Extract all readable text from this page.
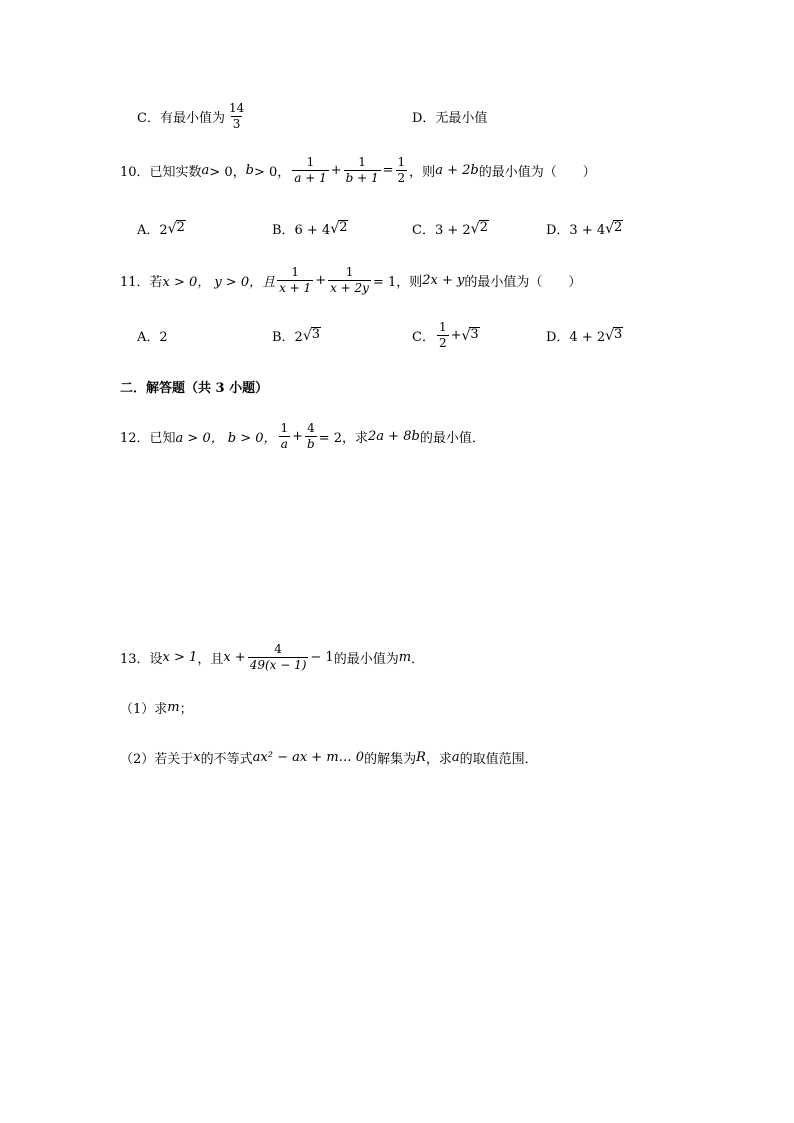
C．有最小值为 $\frac{14}{3}$	D．无最小值
10．已知实数 a > 0， b > 0， $\frac{1}{a + 1} + \frac{1}{b + 1} = \frac{1}{2}$ ，则 a + 2b 的最小值为（　　）
A．2 √ 2	B．6 + 4 √ 2	C．3 + 2 √ 2	D．3 + 4 √ 2
11．若 x > 0， y > 0，且 $\frac{1}{x + 1} + \frac{1}{x + 2y} = 1$，则 2x + y 的最小值为（　　）
A．2	B．2 √ 3	C． $\frac{1}{2}$ + √ 3	D．4 + 2 √ 3
二．解答题（共 3 小题）
12．已知 a > 0， b > 0， $\frac{1}{a} + \frac{4}{b} = 2$，求 2a + 8b 的最小值．
13．设 x > 1 ，且 $x + \frac{4}{49(x - 1)} - 1$ 的最小值为 m ．
（1）求 m ；
（2）若关于 x 的不等式 ax² − ax + m… 0 的解集为 R ，求 a 的取值范围．
